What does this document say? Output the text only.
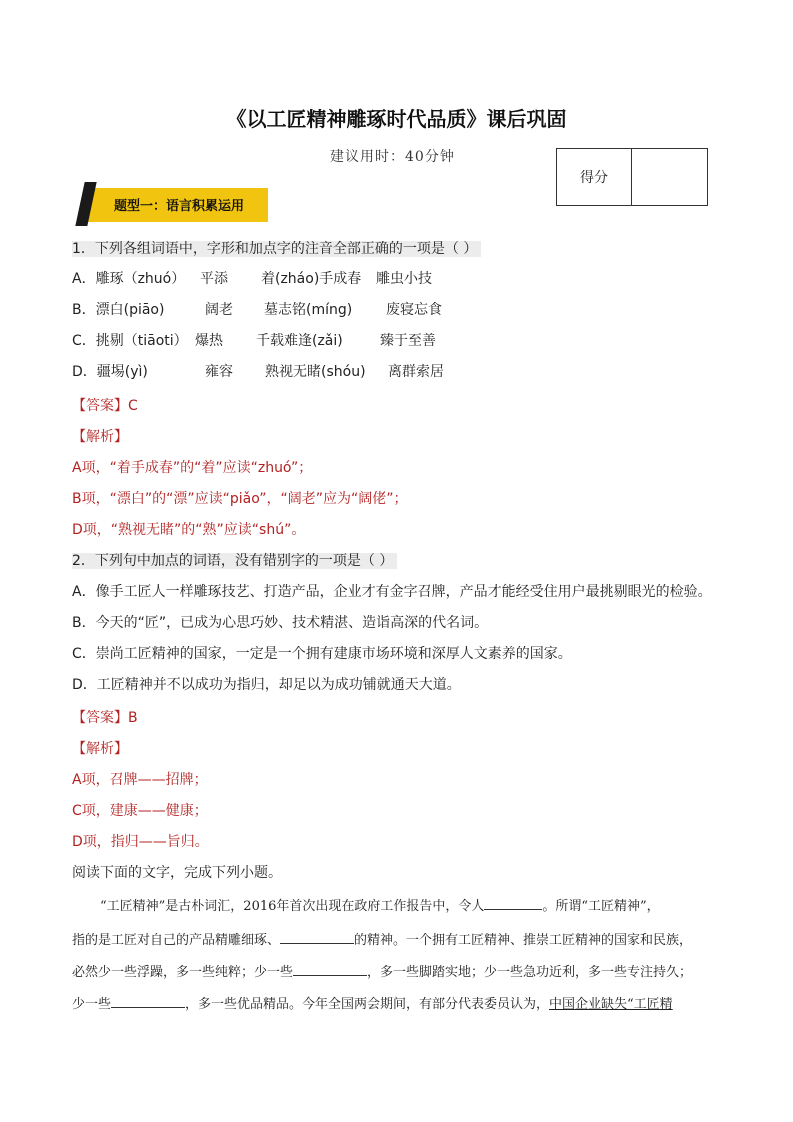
《以工匠精神雕琢时代品质》课后巩固
建议用时：40分钟
得分
题型一：语言积累运用
1．下列各组词语中，字形和加点字的注音全部正确的一项是（ ）
A．雕琢（zhuó） 平添 着(zháo)手成春 雕虫小技
B．漂白(piāo)	阔老 墓志铭(míng) 废寝忘食
C．挑剔（tiāoti） 爆热 千载难逢(zǎi)	臻于至善
D．疆埸(yì)	雍容 熟视无睹(shóu) 离群索居
【答案】C
【解析】
A项，“着手成春”的“着”应读“zhuó”；
B项，“漂白”的“漂”应读“piǎo”，“阔老”应为“阔佬”；
D项，“熟视无睹”的“熟”应读“shú”。
2．下列句中加点的词语，没有错别字的一项是（ ）
A．像手工匠人一样雕琢技艺、打造产品，企业才有金字召牌，产品才能经受住用户最挑剔眼光的检验。
B．今天的“匠”，已成为心思巧妙、技术精湛、造诣高深的代名词。
C．崇尚工匠精神的国家，一定是一个拥有建康市场环境和深厚人文素养的国家。
D．工匠精神并不以成功为指归，却足以为成功铺就通天大道。
【答案】B
【解析】
A项，召牌——招牌；
C项，建康——健康；
D项，指归——旨归。
阅读下面的文字，完成下列小题。
“工匠精神”是古朴词汇，2016年首次出现在政府工作报告中，令人	。所谓“工匠精神”，
指的是工匠对自己的产品精雕细琢、	的精神。一个拥有工匠精神、推崇工匠精神的国家和民族，
必然少一些浮躁，多一些纯粹；少一些	，多一些脚踏实地；少一些急功近利，多一些专注持久；
少一些	，多一些优品精品。今年全国两会期间，有部分代表委员认为，中国企业缺失“工匠精
